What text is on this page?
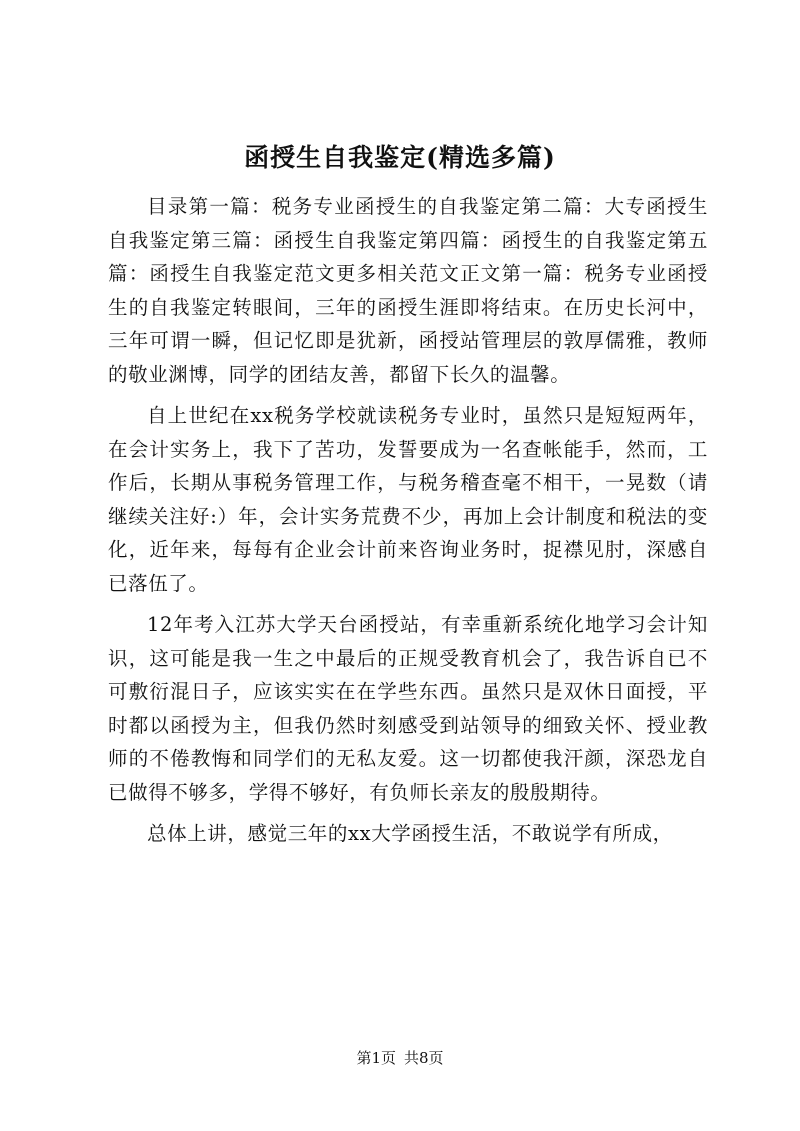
函授生自我鉴定(精选多篇)

目录第一篇：税务专业函授生的自我鉴定第二篇：大专函授生自我鉴定第三篇：函授生自我鉴定第四篇：函授生的自我鉴定第五篇：函授生自我鉴定范文更多相关范文正文第一篇：税务专业函授生的自我鉴定转眼间，三年的函授生涯即将结束。在历史长河中，三年可谓一瞬，但记忆即是犹新，函授站管理层的敦厚儒雅，教师的敬业渊博，同学的团结友善，都留下长久的温馨。

自上世纪在xx税务学校就读税务专业时，虽然只是短短两年，在会计实务上，我下了苦功，发誓要成为一名查帐能手，然而，工作后，长期从事税务管理工作，与税务稽查毫不相干，一晃数（请继续关注好:）年，会计实务荒费不少，再加上会计制度和税法的变化，近年来，每每有企业会计前来咨询业务时，捉襟见肘，深感自已落伍了。

12年考入江苏大学天台函授站，有幸重新系统化地学习会计知识，这可能是我一生之中最后的正规受教育机会了，我告诉自已不可敷衍混日子，应该实实在在学些东西。虽然只是双休日面授，平时都以函授为主，但我仍然时刻感受到站领导的细致关怀、授业教师的不倦教悔和同学们的无私友爱。这一切都使我汗颜，深恐龙自已做得不够多，学得不够好，有负师长亲友的殷殷期待。

总体上讲，感觉三年的xx大学函授生活，不敢说学有所成，

第1页 共8页
